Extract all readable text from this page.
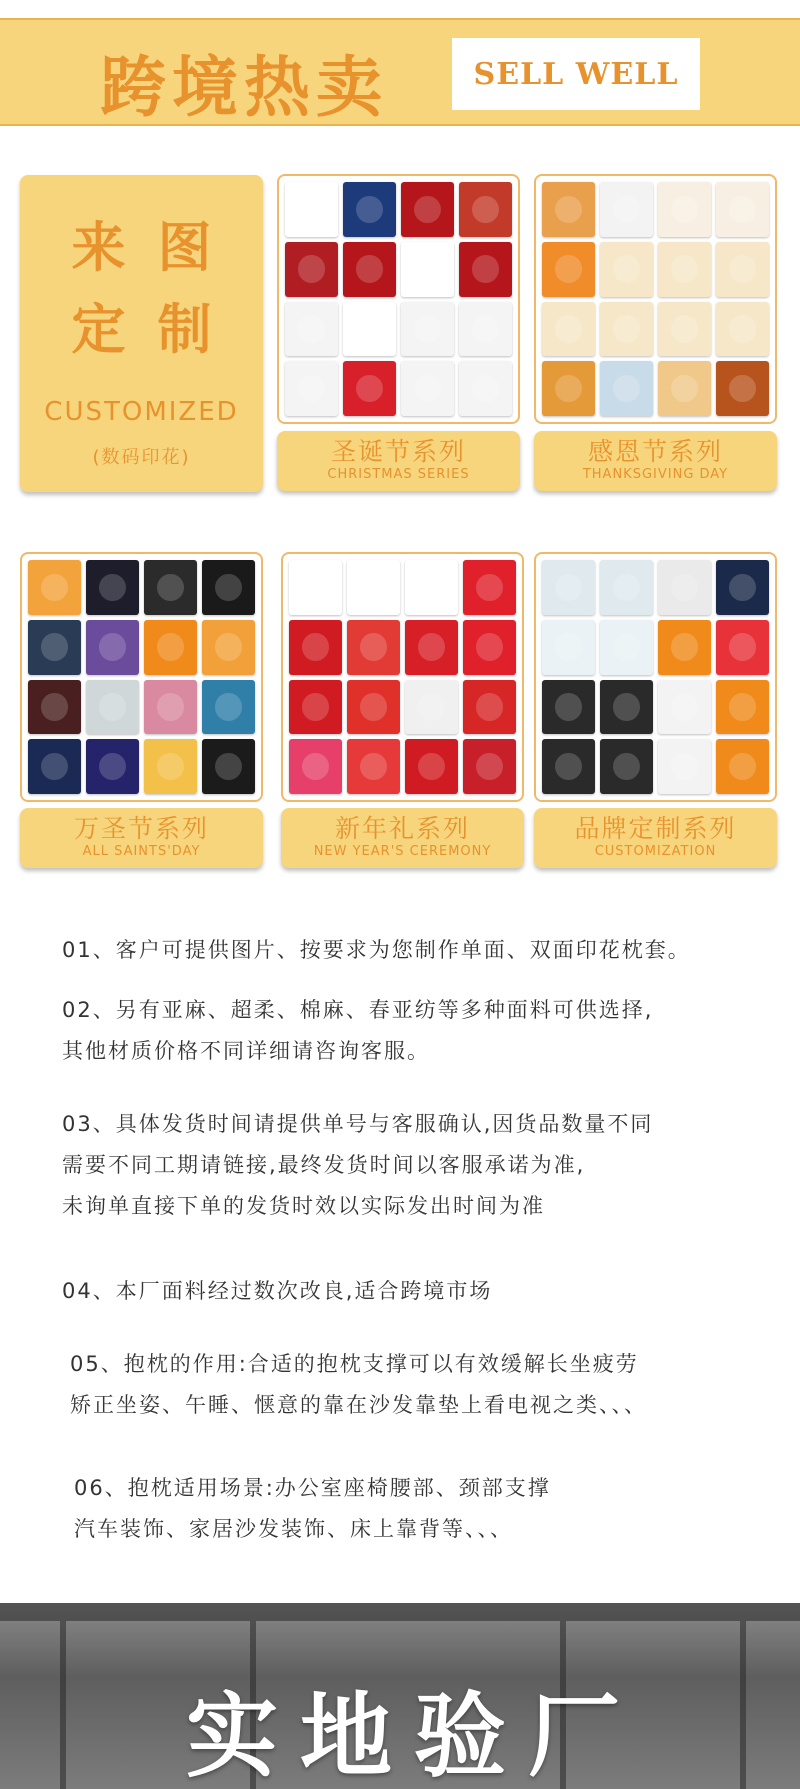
跨境热卖	SELL WELL
来图
定制
CUSTOMIZED
(数码印花)	圣诞节系列
CHRISTMAS SERIES
感恩节系列
THANKSGIVING DAY
万圣节系列
ALL SAINTS'DAY
新年礼系列
NEW YEAR'S CEREMONY
品牌定制系列
CUSTOMIZATION
01、客户可提供图片、按要求为您制作单面、双面印花枕套。
02、另有亚麻、超柔、棉麻、春亚纺等多种面料可供选择,
其他材质价格不同详细请咨询客服。
03、具体发货时间请提供单号与客服确认,因货品数量不同
需要不同工期请链接,最终发货时间以客服承诺为准,
未询单直接下单的发货时效以实际发出时间为准
04、本厂面料经过数次改良,适合跨境市场
05、抱枕的作用:合适的抱枕支撑可以有效缓解长坐疲劳
矫正坐姿、午睡、惬意的靠在沙发靠垫上看电视之类、、、
06、抱枕适用场景:办公室座椅腰部、颈部支撑
汽车装饰、家居沙发装饰、床上靠背等、、、
实地验厂
